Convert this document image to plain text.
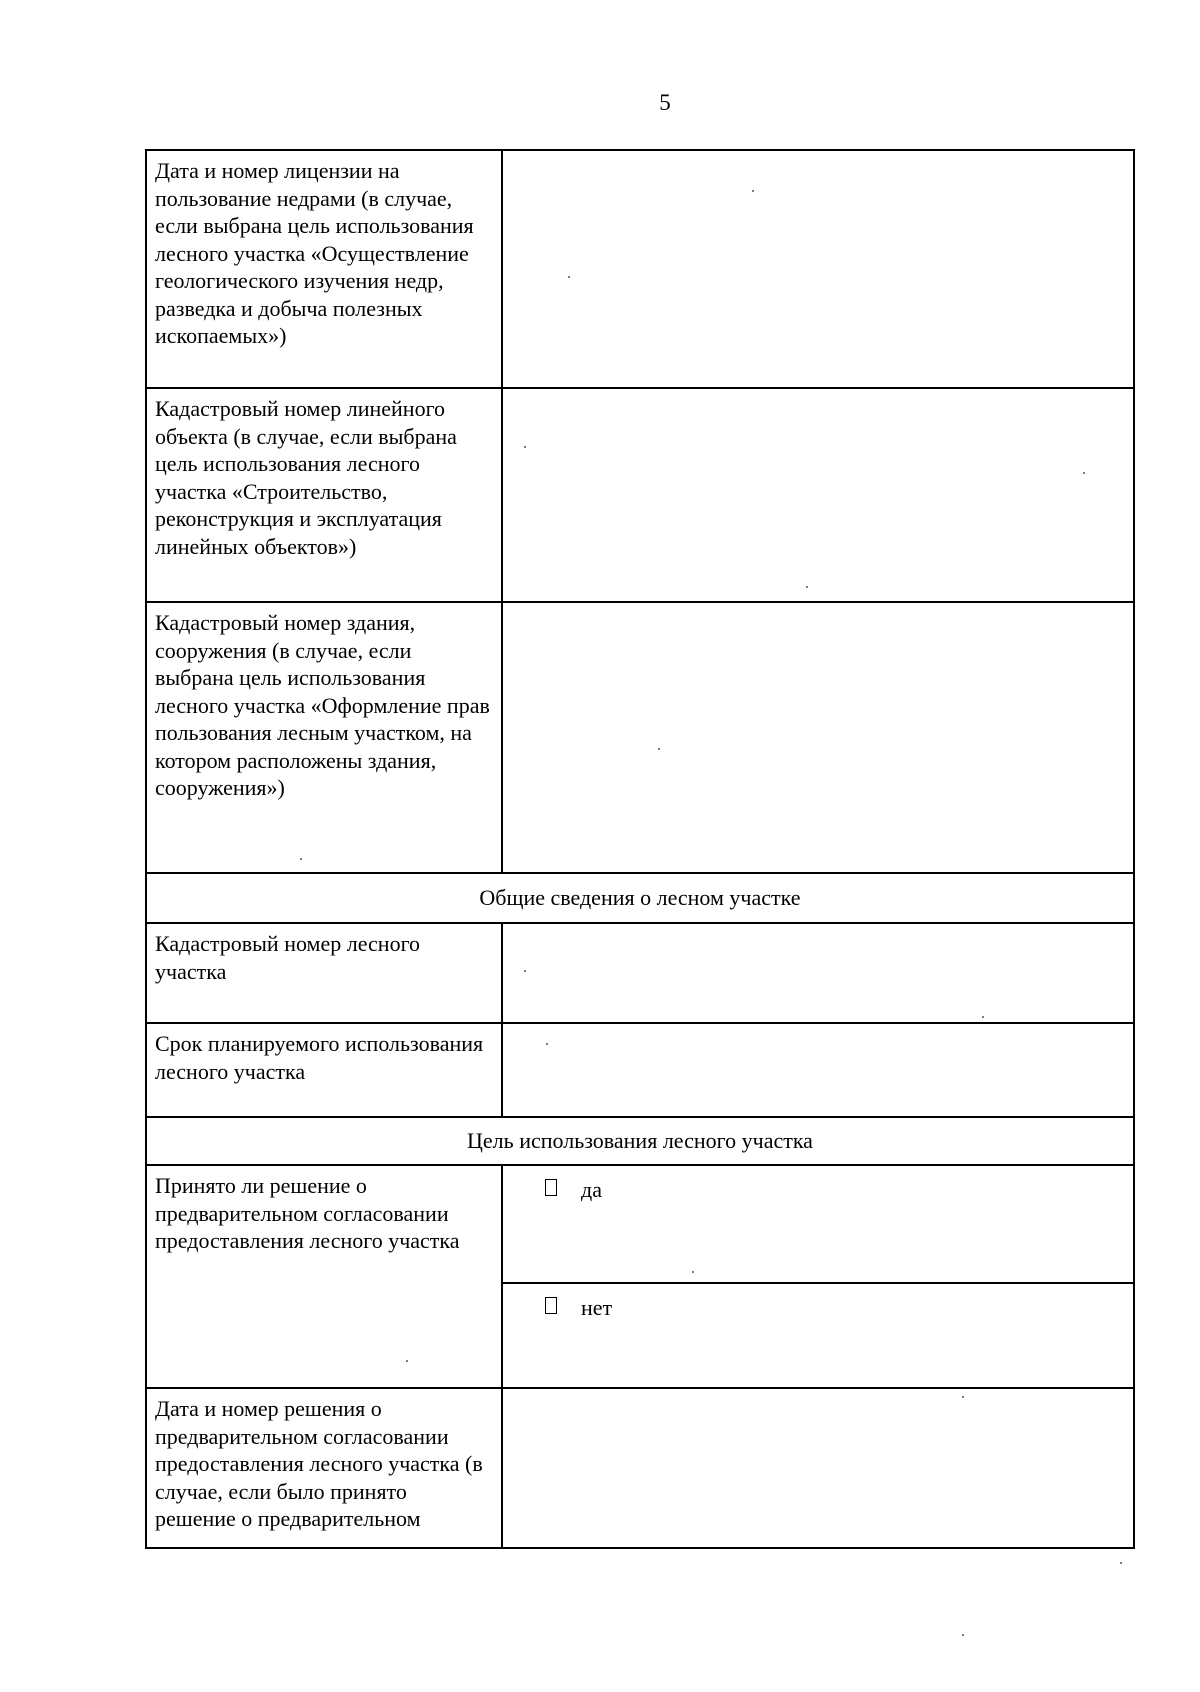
5
Дата и номер лицензии на пользование недрами (в случае, если выбрана цель использования лесного участка «Осуществление геологического изучения недр, разведка и добыча полезных ископаемых»)	
Кадастровый номер линейного объекта (в случае, если выбрана цель использования лесного участка «Строительство, реконструкция и эксплуатация линейных объектов»)	
Кадастровый номер здания, сооружения (в случае, если выбрана цель использования лесного участка «Оформление прав пользования лесным участком, на котором расположены здания, сооружения»)	
Общие сведения о лесном участке	
Кадастровый номер лесного участка	
Срок планируемого использования лесного участка	
Цель использования лесного участка	
Принято ли решение о предварительном согласовании предоставления лесного участка	да

	нет

Дата и номер решения о предварительном согласовании предоставления лесного участка (в случае, если было принято решение о предварительном	
